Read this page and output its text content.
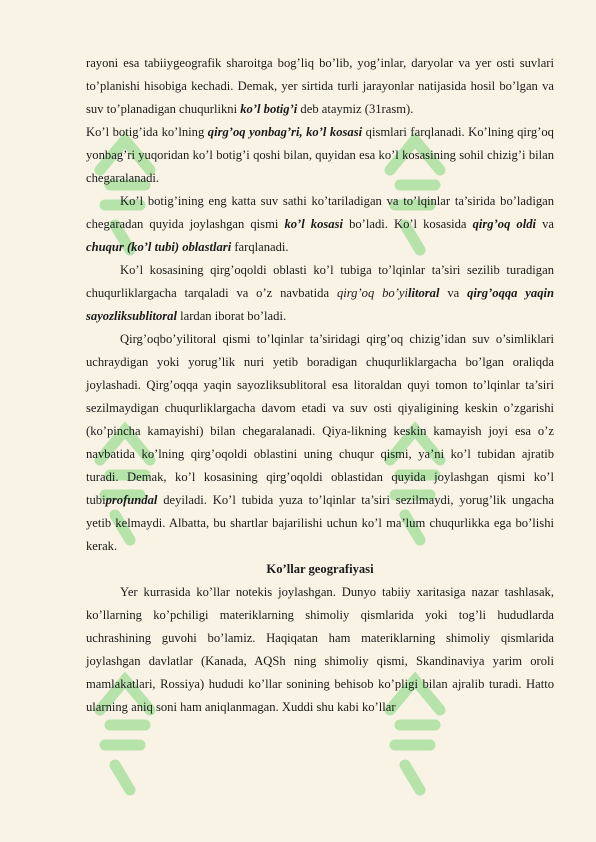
rayoni esa tabiiygeografik sharoitga bog’liq bo’lib, yog’inlar, daryolar va yer osti suvlari to’planishi hisobiga kechadi. Demak, yer sirtida turli jarayonlar natijasida hosil bo’lgan va suv to’planadigan chuqurlikni ko’l botig’i deb ataymiz (31rasm).

Ko’l botig’ida ko’lning qirg’oq yonbag’ri, ko’l kosasi qismlari farqlanadi. Ko’lning qirg’oq yonbag’ri yuqoridan ko’l botig’i qoshi bilan, quyidan esa ko’l kosasining sohil chizig’i bilan chegaralanadi.

Ko’l botig’ining eng katta suv sathi ko’tariladigan va to’lqinlar ta’sirida bo’ladigan chegaradan quyida joylashgan qismi ko’l kosasi bo’ladi. Ko’l kosasida qirg’oq oldi va chuqur (ko’l tubi) oblastlari farqlanadi.

Ko’l kosasining qirg’oqoldi oblasti ko’l tubiga to’lqinlar ta’siri sezilib turadigan chuqurliklargacha tarqaladi va o’z navbatida qirg’oq bo’yilitoral va qirg’oqqa yaqin sayozliksublitoral lardan iborat bo’ladi.

Qirg’oqbo’yilitoral qismi to’lqinlar ta’siridagi qirg’oq chizig’idan suv o’simliklari uchraydigan yoki yorug’lik nuri yetib boradigan chuqurliklargacha bo’lgan oraliqda joylashadi. Qirg’oqqa yaqin sayozliksublitoral esa litoraldan quyi tomon to’lqinlar ta’siri sezilmaydigan chuqurliklargacha davom etadi va suv osti qiyaligining keskin o’zgarishi (ko’pincha kamayishi) bilan chegaralanadi. Qiya-likning keskin kamayish joyi esa o’z navbatida ko’lning qirg’oqoldi oblastini uning chuqur qismi, ya’ni ko’l tubidan ajratib turadi. Demak, ko’l kosasining qirg’oqoldi oblastidan quyida joylashgan qismi ko’l tubiprofundal deyiladi. Ko’l tubida yuza to’lqinlar ta’siri sezilmaydi, yorug’lik ungacha yetib kelmaydi. Albatta, bu shartlar bajarilishi uchun ko’l ma’lum chuqurlikka ega bo’lishi kerak.

Ko’llar geografiyasi

Yer kurrasida ko’llar notekis joylashgan. Dunyo tabiiy xaritasiga nazar tashlasak, ko’llarning ko’pchiligi materiklarning shimoliy qismlarida yoki tog’li hududlarda uchrashining guvohi bo’lamiz. Haqiqatan ham materiklarning shimoliy qismlarida joylashgan davlatlar (Kanada, AQSh ning shimoliy qismi, Skandinaviya yarim oroli mamlakatlari, Rossiya) hududi ko’llar sonining behisob ko’pligi bilan ajralib turadi. Hatto ularning aniq soni ham aniqlanmagan. Xuddi shu kabi ko’llar
